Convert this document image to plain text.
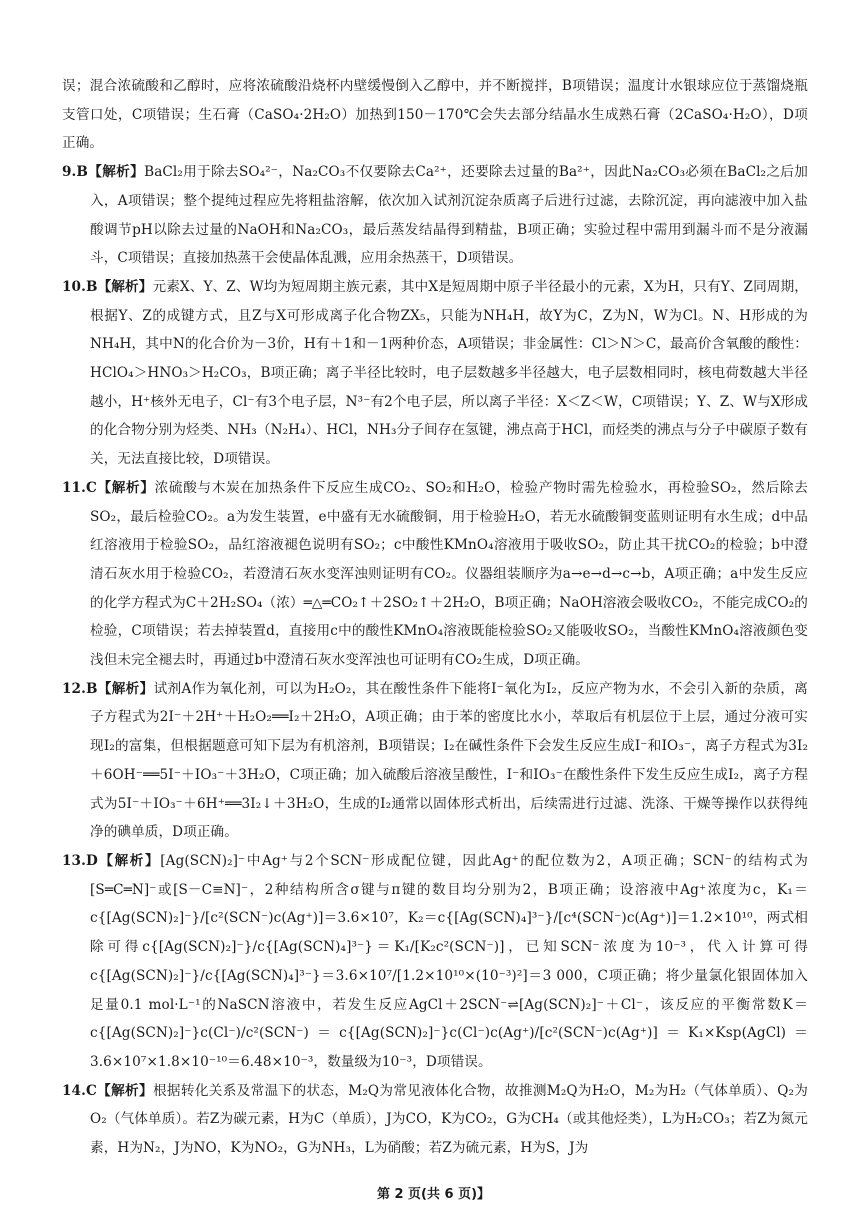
误；混合浓硫酸和乙醇时，应将浓硫酸沿烧杯内壁缓慢倒入乙醇中，并不断搅拌，B项错误；温度计水银球应位于蒸馏烧瓶支管口处，C项错误；生石膏（CaSO₄·2H₂O）加热到150－170℃会失去部分结晶水生成熟石膏（2CaSO₄·H₂O），D项正确。

9.B【解析】BaCl₂用于除去SO₄²⁻，Na₂CO₃不仅要除去Ca²⁺，还要除去过量的Ba²⁺，因此Na₂CO₃必须在BaCl₂之后加入，A项错误；整个提纯过程应先将粗盐溶解，依次加入试剂沉淀杂质离子后进行过滤，去除沉淀，再向滤液中加入盐酸调节pH以除去过量的NaOH和Na₂CO₃，最后蒸发结晶得到精盐，B项正确；实验过程中需用到漏斗而不是分液漏斗，C项错误；直接加热蒸干会使晶体乱溅，应用余热蒸干，D项错误。

10.B【解析】元素X、Y、Z、W均为短周期主族元素，其中X是短周期中原子半径最小的元素，X为H，只有Y、Z同周期，根据Y、Z的成键方式，且Z与X可形成离子化合物ZX₅，只能为NH₄H，故Y为C，Z为N，W为Cl。N、H形成的为NH₄H，其中N的化合价为－3价，H有＋1和－1两种价态，A项错误；非金属性：Cl＞N＞C，最高价含氧酸的酸性：HClO₄＞HNO₃＞H₂CO₃，B项正确；离子半径比较时，电子层数越多半径越大，电子层数相同时，核电荷数越大半径越小，H⁺核外无电子，Cl⁻有3个电子层，N³⁻有2个电子层，所以离子半径：X＜Z＜W，C项错误；Y、Z、W与X形成的化合物分别为烃类、NH₃（N₂H₄）、HCl，NH₃分子间存在氢键，沸点高于HCl，而烃类的沸点与分子中碳原子数有关，无法直接比较，D项错误。

11.C【解析】浓硫酸与木炭在加热条件下反应生成CO₂、SO₂和H₂O，检验产物时需先检验水，再检验SO₂，然后除去SO₂，最后检验CO₂。a为发生装置，e中盛有无水硫酸铜，用于检验H₂O，若无水硫酸铜变蓝则证明有水生成；d中品红溶液用于检验SO₂，品红溶液褪色说明有SO₂；c中酸性KMnO₄溶液用于吸收SO₂，防止其干扰CO₂的检验；b中澄清石灰水用于检验CO₂，若澄清石灰水变浑浊则证明有CO₂。仪器组装顺序为a→e→d→c→b，A项正确；a中发生反应的化学方程式为C＋2H₂SO₄（浓）═△═CO₂↑＋2SO₂↑＋2H₂O，B项正确；NaOH溶液会吸收CO₂，不能完成CO₂的检验，C项错误；若去掉装置d，直接用c中的酸性KMnO₄溶液既能检验SO₂又能吸收SO₂，当酸性KMnO₄溶液颜色变浅但未完全褪去时，再通过b中澄清石灰水变浑浊也可证明有CO₂生成，D项正确。

12.B【解析】试剂A作为氧化剂，可以为H₂O₂，其在酸性条件下能将I⁻氧化为I₂，反应产物为水，不会引入新的杂质，离子方程式为2I⁻＋2H⁺＋H₂O₂══I₂＋2H₂O，A项正确；由于苯的密度比水小，萃取后有机层位于上层，通过分液可实现I₂的富集，但根据题意可知下层为有机溶剂，B项错误；I₂在碱性条件下会发生反应生成I⁻和IO₃⁻，离子方程式为3I₂＋6OH⁻══5I⁻＋IO₃⁻＋3H₂O，C项正确；加入硫酸后溶液呈酸性，I⁻和IO₃⁻在酸性条件下发生反应生成I₂，离子方程式为5I⁻＋IO₃⁻＋6H⁺══3I₂↓＋3H₂O，生成的I₂通常以固体形式析出，后续需进行过滤、洗涤、干燥等操作以获得纯净的碘单质，D项正确。

13.D【解析】[Ag(SCN)₂]⁻中Ag⁺与2个SCN⁻形成配位键，因此Ag⁺的配位数为2，A项正确；SCN⁻的结构式为[S═C═N]⁻或[S－C≡N]⁻，2种结构所含σ键与π键的数目均分别为2，B项正确；设溶液中Ag⁺浓度为c，K₁＝c{[Ag(SCN)₂]⁻}/[c²(SCN⁻)c(Ag⁺)]＝3.6×10⁷，K₂＝c{[Ag(SCN)₄]³⁻}/[c⁴(SCN⁻)c(Ag⁺)]＝1.2×10¹⁰，两式相除可得c{[Ag(SCN)₂]⁻}/c{[Ag(SCN)₄]³⁻}＝K₁/[K₂c²(SCN⁻)]，已知SCN⁻浓度为10⁻³，代入计算可得c{[Ag(SCN)₂]⁻}/c{[Ag(SCN)₄]³⁻}＝3.6×10⁷/[1.2×10¹⁰×(10⁻³)²]＝3 000，C项正确；将少量氯化银固体加入足量0.1 mol·L⁻¹的NaSCN溶液中，若发生反应AgCl＋2SCN⁻⇌[Ag(SCN)₂]⁻＋Cl⁻，该反应的平衡常数K＝c{[Ag(SCN)₂]⁻}c(Cl⁻)/c²(SCN⁻)＝c{[Ag(SCN)₂]⁻}c(Cl⁻)c(Ag⁺)/[c²(SCN⁻)c(Ag⁺)]＝K₁×Ksp(AgCl)＝3.6×10⁷×1.8×10⁻¹⁰＝6.48×10⁻³，数量级为10⁻³，D项错误。

14.C【解析】根据转化关系及常温下的状态，M₂Q为常见液体化合物，故推测M₂Q为H₂O，M₂为H₂（气体单质）、Q₂为O₂（气体单质）。若Z为碳元素，H为C（单质），J为CO，K为CO₂，G为CH₄（或其他烃类），L为H₂CO₃；若Z为氮元素，H为N₂，J为NO，K为NO₂，G为NH₃，L为硝酸；若Z为硫元素，H为S，J为

第 2 页(共 6 页)】
